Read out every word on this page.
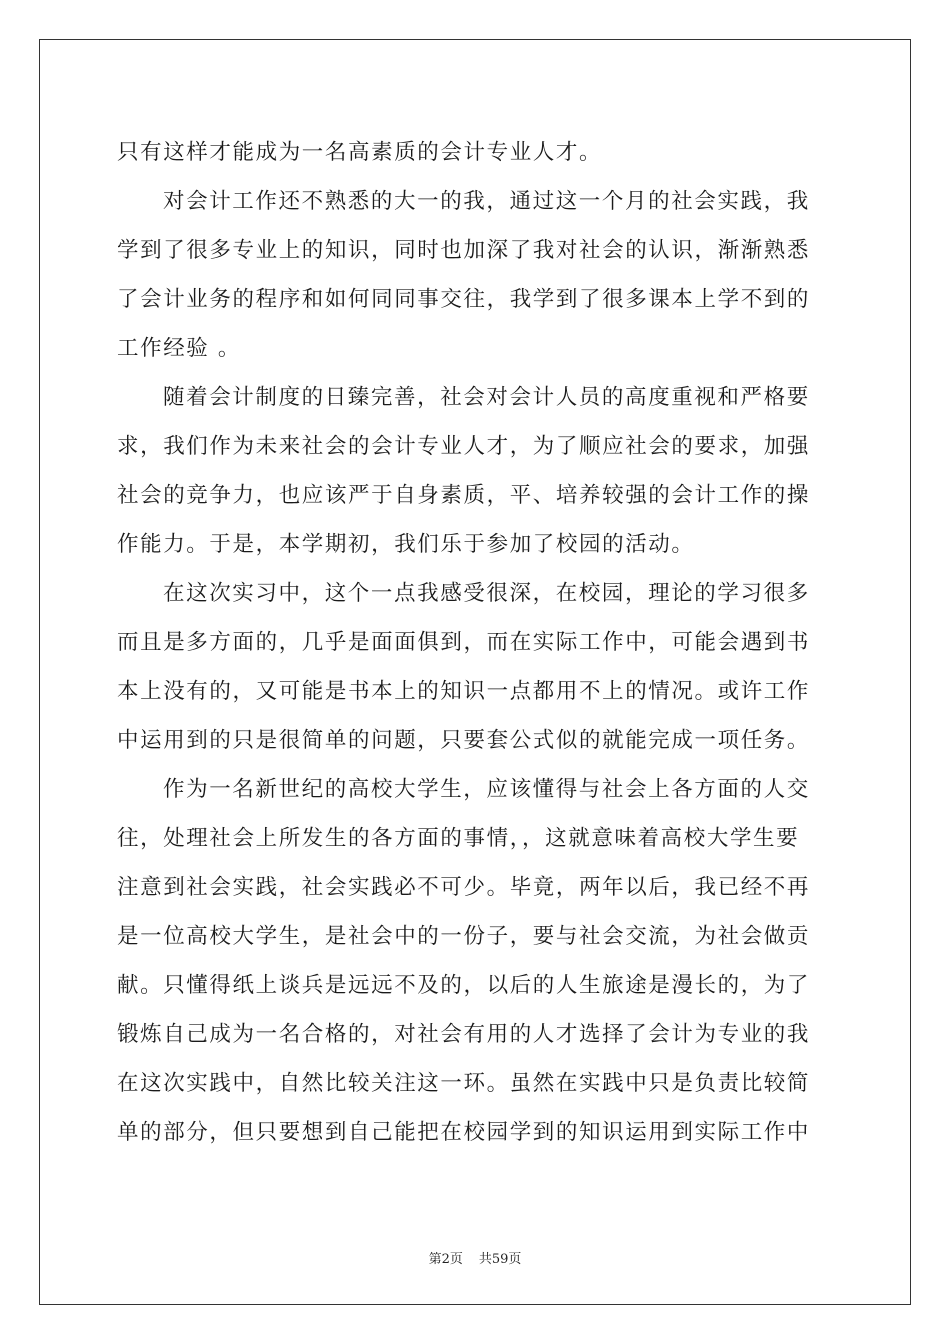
只有这样才能成为一名高素质的会计专业人才。
对会计工作还不熟悉的大一的我，通过这一个月的社会实践，我
学到了很多专业上的知识，同时也加深了我对社会的认识，渐渐熟悉
了会计业务的程序和如何同同事交往，我学到了很多课本上学不到的
工作经验 。
随着会计制度的日臻完善，社会对会计人员的高度重视和严格要
求，我们作为未来社会的会计专业人才，为了顺应社会的要求，加强
社会的竞争力，也应该严于自身素质，平、培养较强的会计工作的操
作能力。于是，本学期初，我们乐于参加了校园的活动。
在这次实习中，这个一点我感受很深，在校园，理论的学习很多
而且是多方面的，几乎是面面俱到，而在实际工作中，可能会遇到书
本上没有的，又可能是书本上的知识一点都用不上的情况。或许工作
中运用到的只是很简单的问题，只要套公式似的就能完成一项任务。
作为一名新世纪的高校大学生，应该懂得与社会上各方面的人交
往，处理社会上所发生的各方面的事情，，这就意味着高校大学生要
注意到社会实践，社会实践必不可少。毕竟，两年以后，我已经不再
是一位高校大学生，是社会中的一份子，要与社会交流，为社会做贡
献。只懂得纸上谈兵是远远不及的，以后的人生旅途是漫长的，为了
锻炼自己成为一名合格的，对社会有用的人才选择了会计为专业的我
在这次实践中，自然比较关注这一环。虽然在实践中只是负责比较简
单的部分，但只要想到自己能把在校园学到的知识运用到实际工作中
第2页 共59页
